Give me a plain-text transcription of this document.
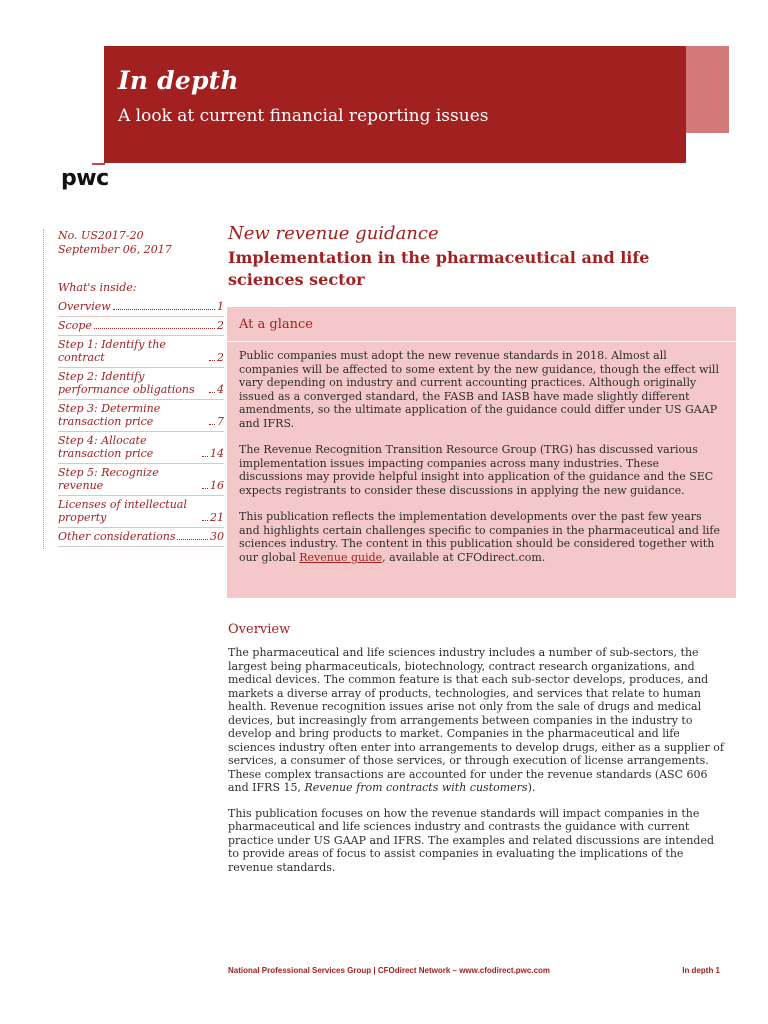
In depth

A look at current financial reporting issues

pwc
No. US2017-20
September 06, 2017
What's inside:
Overview	1
Scope	2
Step 1: Identify the contract	2
Step 2: Identify performance obligations	4
Step 3: Determine transaction price	7
Step 4: Allocate transaction price	14
Step 5: Recognize revenue	16
Licenses of intellectual property	21
Other considerations	30
New revenue guidance
Implementation in the pharmaceutical and life sciences sector
At a glance

Public companies must adopt the new revenue standards in 2018. Almost all companies will be affected to some extent by the new guidance, though the effect will vary depending on industry and current accounting practices. Although originally issued as a converged standard, the FASB and IASB have made slightly different amendments, so the ultimate application of the guidance could differ under US GAAP and IFRS.

The Revenue Recognition Transition Resource Group (TRG) has discussed various implementation issues impacting companies across many industries. These discussions may provide helpful insight into application of the guidance and the SEC expects registrants to consider these discussions in applying the new guidance.

This publication reflects the implementation developments over the past few years and highlights certain challenges specific to companies in the pharmaceutical and life sciences industry. The content in this publication should be considered together with our global Revenue guide, available at CFOdirect.com.

Overview

The pharmaceutical and life sciences industry includes a number of sub-sectors, the largest being pharmaceuticals, biotechnology, contract research organizations, and medical devices. The common feature is that each sub-sector develops, produces, and markets a diverse array of products, technologies, and services that relate to human health. Revenue recognition issues arise not only from the sale of drugs and medical devices, but increasingly from arrangements between companies in the industry to develop and bring products to market. Companies in the pharmaceutical and life sciences industry often enter into arrangements to develop drugs, either as a supplier of services, a consumer of those services, or through execution of license arrangements. These complex transactions are accounted for under the revenue standards (ASC 606 and IFRS 15, Revenue from contracts with customers).

This publication focuses on how the revenue standards will impact companies in the pharmaceutical and life sciences industry and contrasts the guidance with current practice under US GAAP and IFRS. The examples and related discussions are intended to provide areas of focus to assist companies in evaluating the implications of the revenue standards.

National Professional Services Group | CFOdirect Network – www.cfodirect.pwc.com	In depth 1
